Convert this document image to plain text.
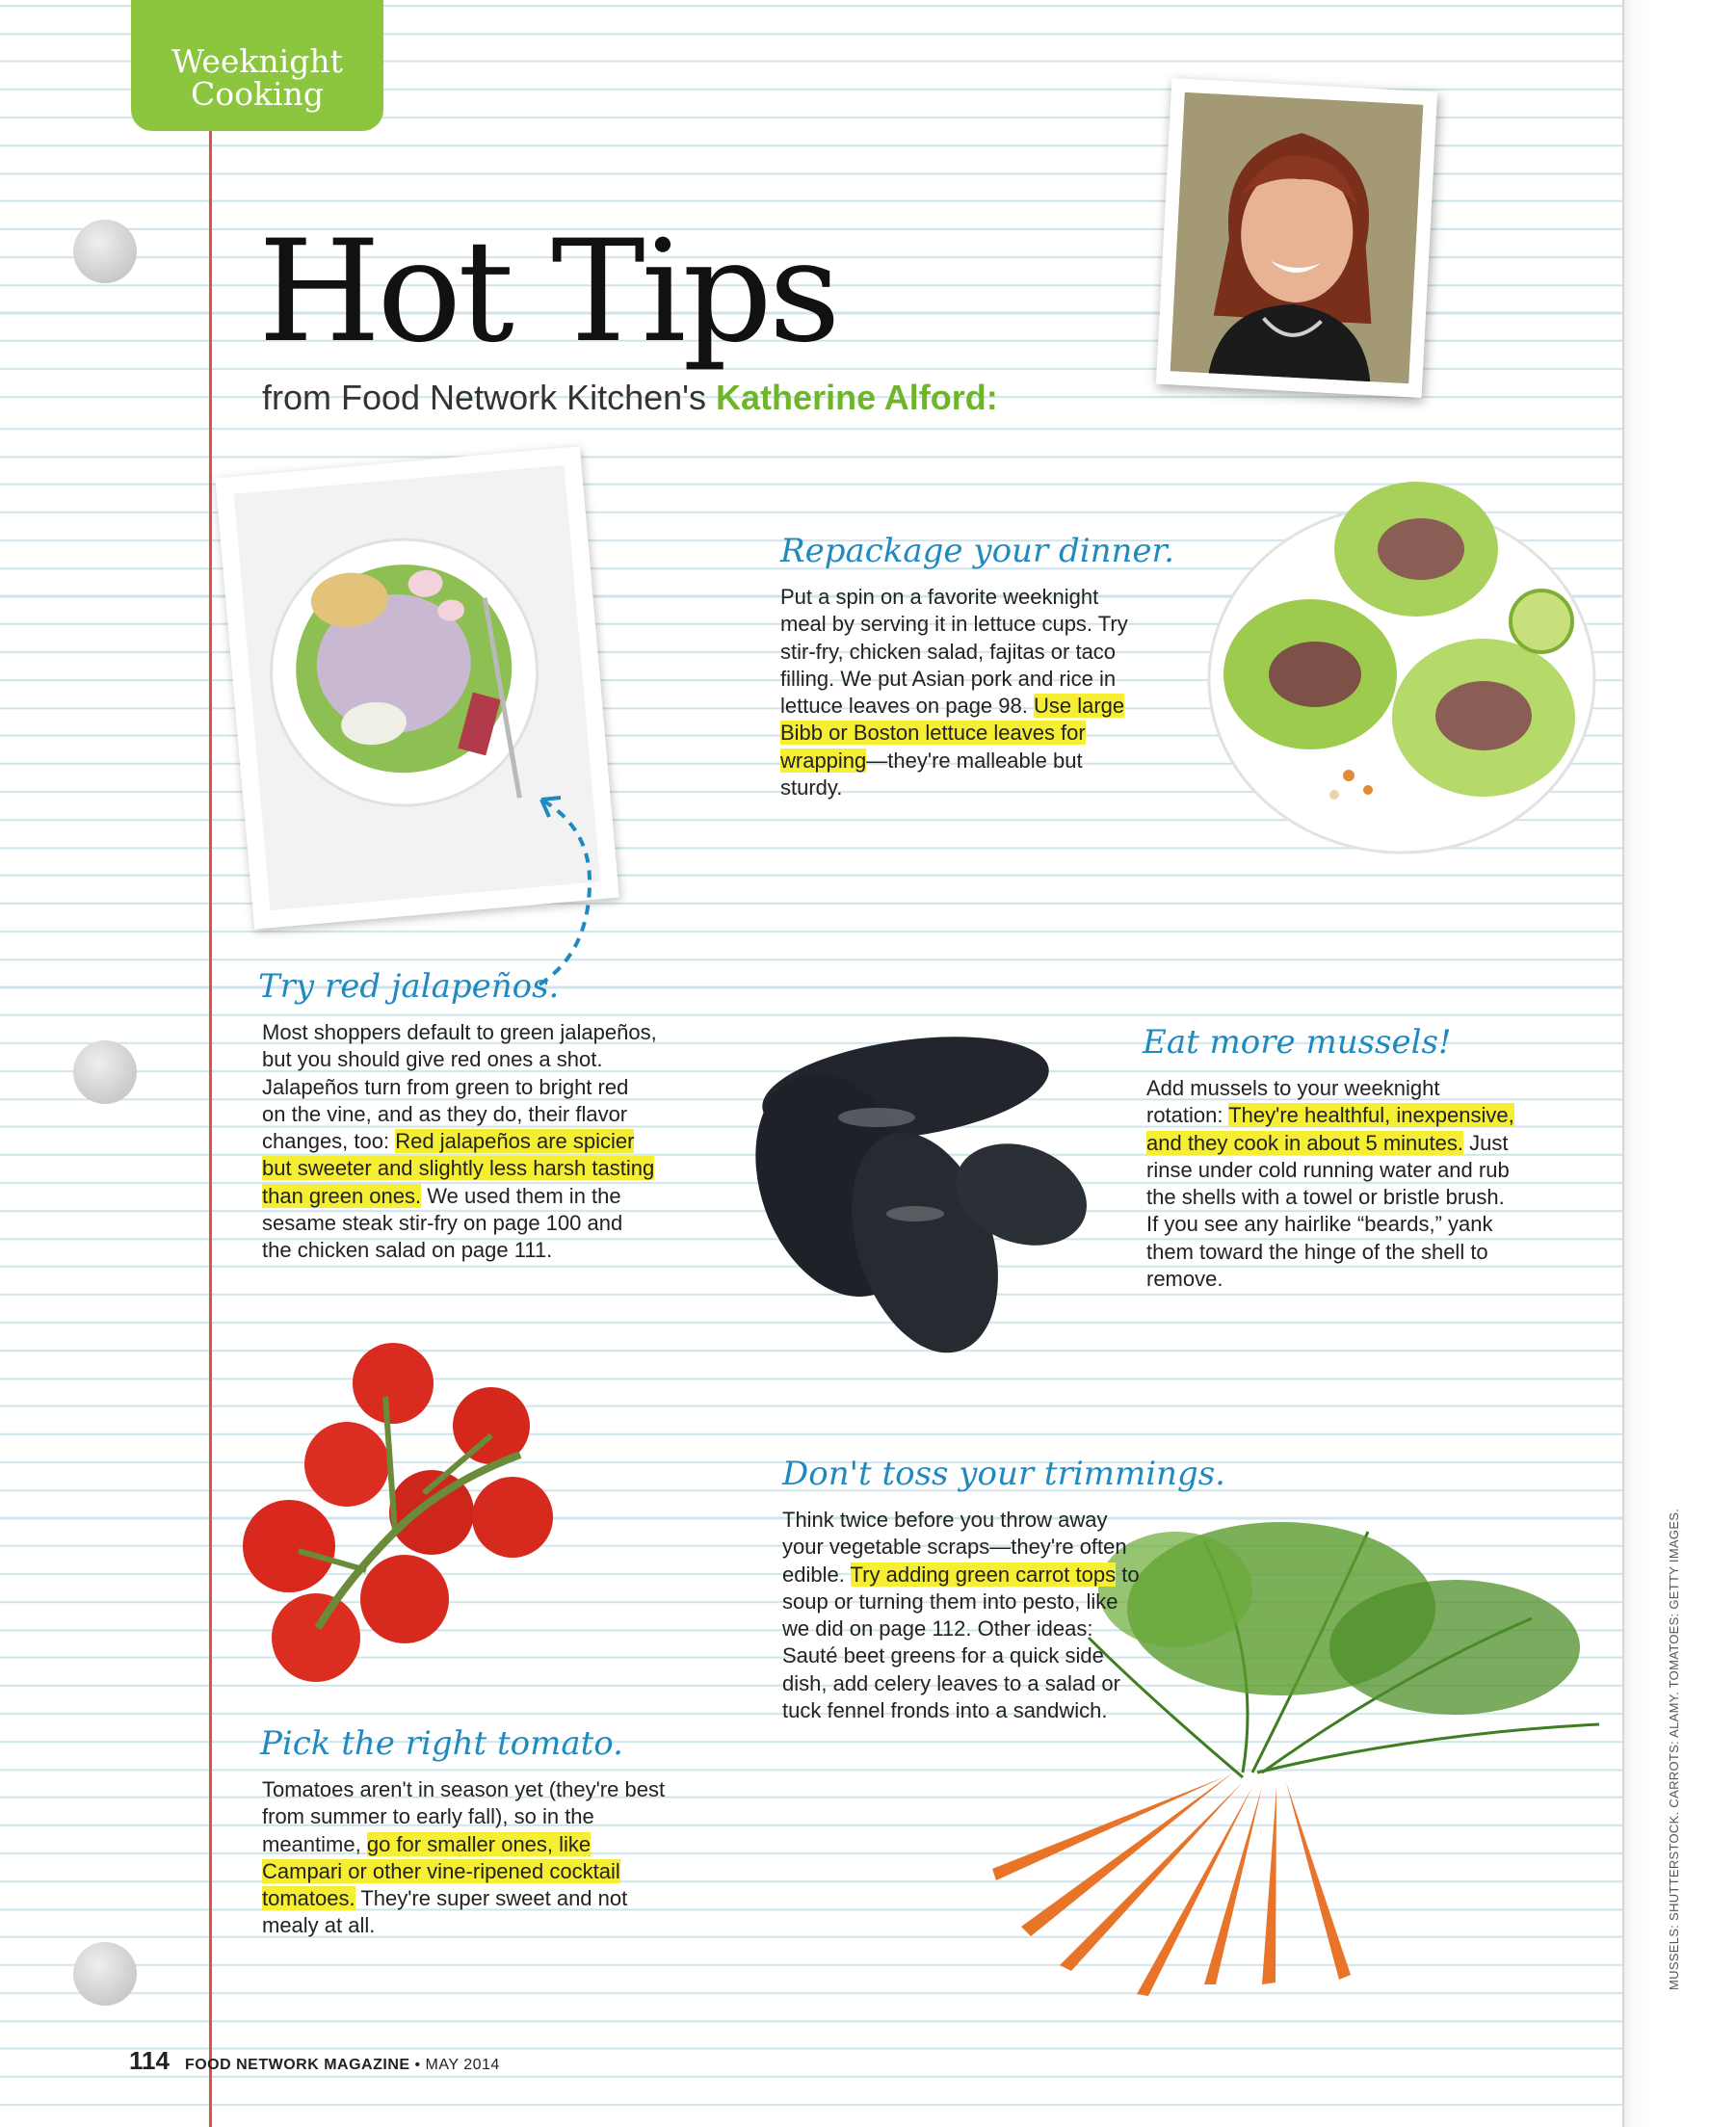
Weeknight
Cooking
Hot Tips
from Food Network Kitchen's Katherine Alford:
Repackage your dinner.

Put a spin on a favorite weeknight meal by serving it in lettuce cups. Try stir-fry, chicken salad, fajitas or taco filling. We put Asian pork and rice in lettuce leaves on page 98. Use large Bibb or Boston lettuce leaves for wrapping—they're malleable but sturdy.

Try red jalapeños.

Most shoppers default to green jalapeños, but you should give red ones a shot. Jalapeños turn from green to bright red on the vine, and as they do, their flavor changes, too: Red jalapeños are spicier but sweeter and slightly less harsh tasting than green ones. We used them in the sesame steak stir-fry on page 100 and the chicken salad on page 111.

Eat more mussels!

Add mussels to your weeknight rotation: They're healthful, inexpensive, and they cook in about 5 minutes. Just rinse under cold running water and rub the shells with a towel or bristle brush. If you see any hairlike “beards,” yank them toward the hinge of the shell to remove.

Don't toss your trimmings.

Think twice before you throw away your vegetable scraps—they're often edible. Try adding green carrot tops to soup or turning them into pesto, like we did on page 112. Other ideas: Sauté beet greens for a quick side dish, add celery leaves to a salad or tuck fennel fronds into a sandwich.

Pick the right tomato.

Tomatoes aren't in season yet (they're best from summer to early fall), so in the meantime, go for smaller ones, like Campari or other vine-ripened cocktail tomatoes. They're super sweet and not mealy at all.

114 FOOD NETWORK MAGAZINE • MAY 2014
MUSSELS: SHUTTERSTOCK. CARROTS: ALAMY. TOMATOES: GETTY IMAGES.
